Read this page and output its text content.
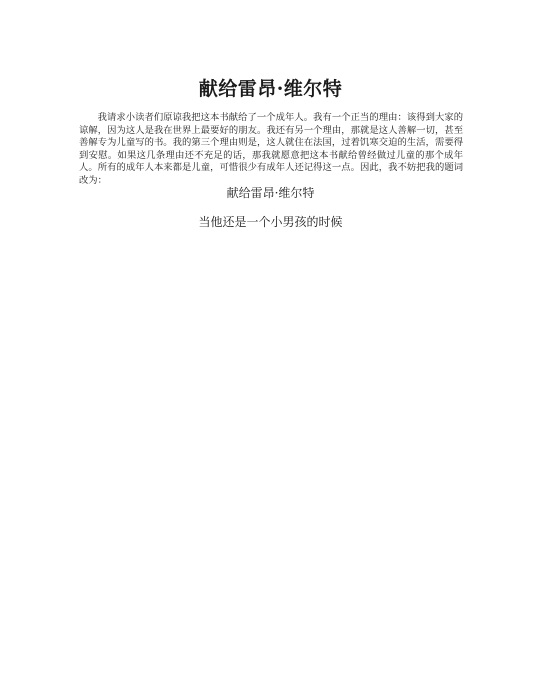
献给雷昂·维尔特

我请求小读者们原谅我把这本书献给了一个成年人。我有一个正当的理由：该得到大家的谅解，因为这人是我在世界上最要好的朋友。我还有另一个理由，那就是这人善解一切，甚至善解专为儿童写的书。我的第三个理由则是，这人就住在法国，过着饥寒交迫的生活，需要得到安慰。如果这几条理由还不充足的话，那我就愿意把这本书献给曾经做过儿童的那个成年人。所有的成年人本来都是儿童，可惜很少有成年人还记得这一点。因此，我不妨把我的题词改为：

献给雷昂·维尔特

当他还是一个小男孩的时候
